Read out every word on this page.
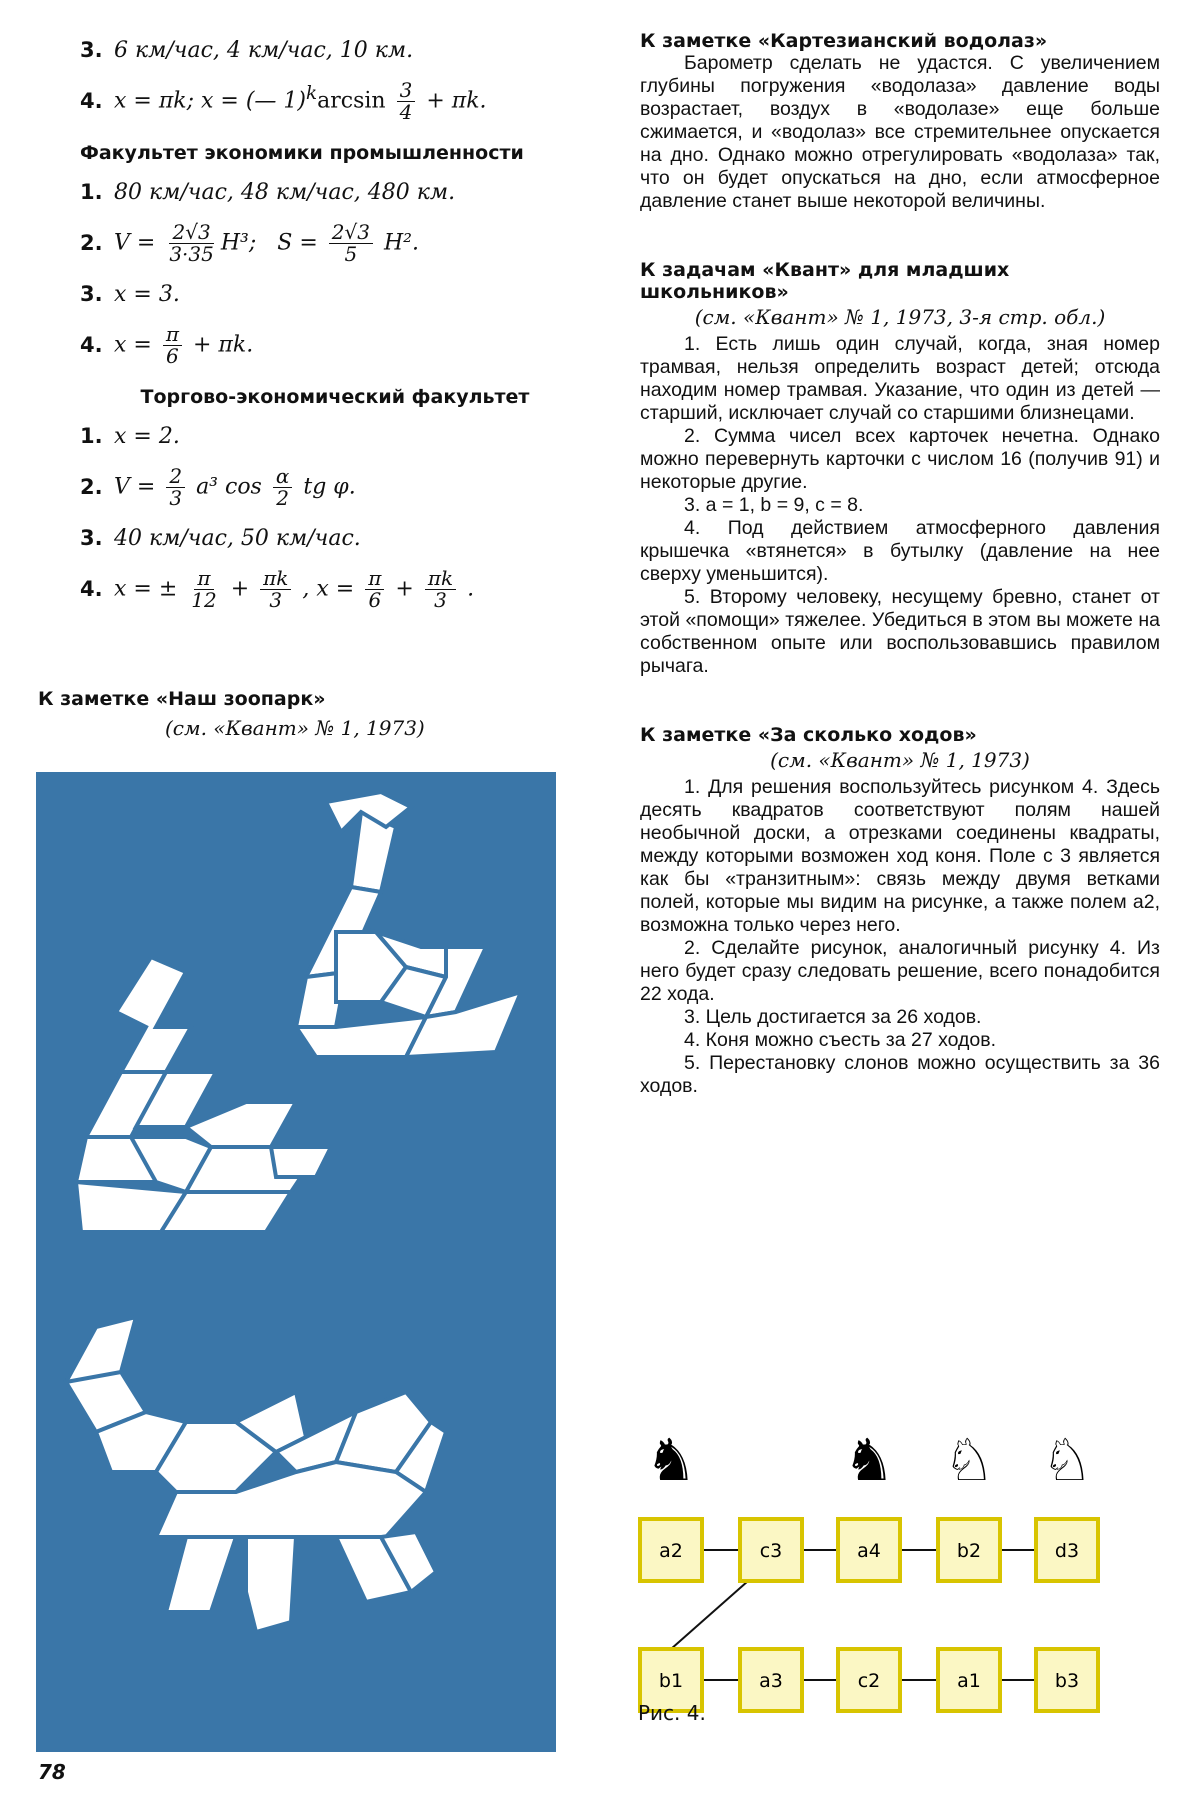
3. 6 км/час, 4 км/час, 10 км.
4. x = πk; x = (— $1)^k\arcsin \frac{3}{4} + \pi k$.
Факультет экономики промышленности
1. 80 км/час, 48 км/час, 480 км.
2. $V = \frac{2√3}{3\cdot 35} H^3$; $S = \frac{2√3}{5} H^2$.
3. x = 3.
4. $x = \frac{\pi}{6} + \pi k$.
Торгово-экономический факультет
1. x = 2.
2. $V = \frac{2}{3} a^3$ $\cos \frac{\alpha}{2}$ tg φ.
3. 40 км/час, 50 км/час.
4. x = ± $\frac{\pi}{12} + \frac{\pi k}{3}$ , $x = \frac{\pi}{6} + \frac{\pi k}{3}$ .
К заметке «Наш зоопарк»
(см. «Квант» № 1, 1973)
К заметке «Картезианский водолаз»

Барометр сделать не удастся. С увеличением глубины погружения «водолаза» давление воды возрастает, воздух в «водолазе» еще больше сжимается, и «водолаз» все стремительнее опускается на дно. Однако можно отрегулировать «водолаза» так, что он будет опускаться на дно, если атмосферное давление станет выше некоторой величины.

К задачам «Квант» для младших школьников»
(см. «Квант» № 1, 1973, 3-я стр. обл.)

1. Есть лишь один случай, когда, зная номер трамвая, нельзя определить возраст детей; отсюда находим номер трамвая. Указание, что один из детей — старший, исключает случай со старшими близнецами.

2. Сумма чисел всех карточек нечетна. Однако можно перевернуть карточки с числом 16 (получив 91) и некоторые другие.

3. a = 1, b = 9, c = 8.

4. Под действием атмосферного давления крышечка «втянется» в бутылку (давление на нее сверху уменьшится).

5. Второму человеку, несущему бревно, станет от этой «помощи» тяжелее. Убедиться в этом вы можете на собственном опыте или воспользовавшись правилом рычага.

К заметке «За сколько ходов»
(см. «Квант» № 1, 1973)

1. Для решения воспользуйтесь рисунком 4. Здесь десять квадратов соответствуют полям нашей необычной доски, а отрезками соединены квадраты, между которыми возможен ход коня. Поле с 3 является как бы «транзитным»: связь между двумя ветками полей, которые мы видим на рисунке, а также полем a2, возможна только через него.

2. Сделайте рисунок, аналогичный рисунку 4. Из него будет сразу следовать решение, всего понадобится 22 хода.

3. Цель достигается за 26 ходов.

4. Коня можно съесть за 27 ходов.

5. Перестановку слонов можно осуществить за 36 ходов.

♞	♞ ♘ ♘
a2	c3	a4	b2	d3
b1	a3	c2	a1	b3
Рис. 4.
78
